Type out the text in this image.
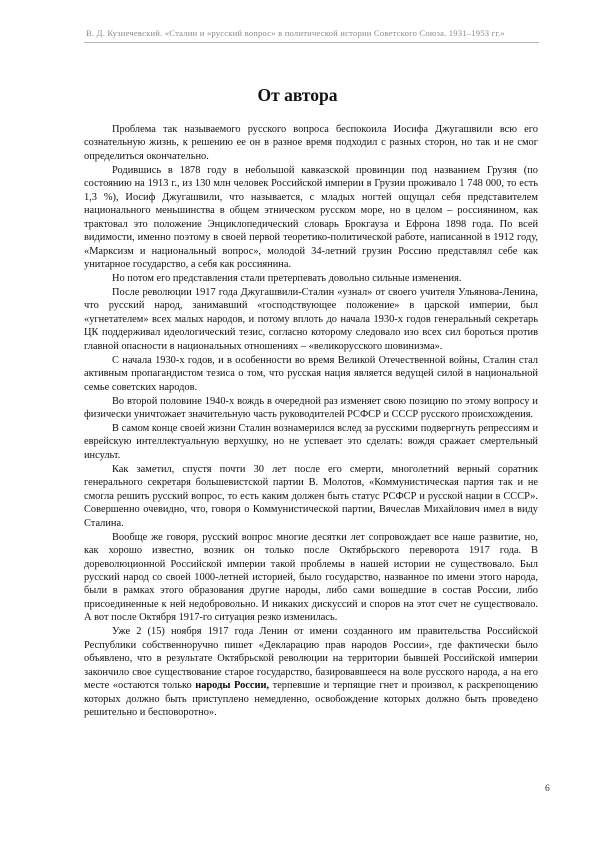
В. Д. Кузнечевский. «Сталин и «русский вопрос» в политической истории Советского Союза. 1931–1953 гг.»
От автора

Проблема так называемого русского вопроса беспокоила Иосифа Джугашвили всю его сознательную жизнь, к решению ее он в разное время подходил с разных сторон, но так и не смог определиться окончательно.

Родившись в 1878 году в небольшой кавказской провинции под названием Грузия (по состоянию на 1913 г., из 130 млн человек Российской империи в Грузии проживало 1 748 000, то есть 1,3 %), Иосиф Джугашвили, что называется, с младых ногтей ощущал себя представителем национального меньшинства в общем этническом русском море, но в целом – россиянином, как трактовал это положение Энциклопедический словарь Брокгауза и Ефрона 1898 года. По всей видимости, именно поэтому в своей первой теоретико-политической работе, написанной в 1912 году, «Марксизм и национальный вопрос», молодой 34-летний грузин Россию представлял себе как унитарное государство, а себя как россиянина.

Но потом его представления стали претерпевать довольно сильные изменения.

После революции 1917 года Джугашвили-Сталин «узнал» от своего учителя Ульянова-Ленина, что русский народ, занимавший «господствующее положение» в царской империи, был «угнетателем» всех малых народов, и потому вплоть до начала 1930-х годов генеральный секретарь ЦК поддерживал идеологический тезис, согласно которому следовало изо всех сил бороться против главной опасности в национальных отношениях – «великорусского шовинизма».

С начала 1930-х годов, и в особенности во время Великой Отечественной войны, Сталин стал активным пропагандистом тезиса о том, что русская нация является ведущей силой в национальной семье советских народов.

Во второй половине 1940-х вождь в очередной раз изменяет свою позицию по этому вопросу и физически уничтожает значительную часть руководителей РСФСР и СССР русского происхождения.

В самом конце своей жизни Сталин вознамерился вслед за русскими подвергнуть репрессиям и еврейскую интеллектуальную верхушку, но не успевает это сделать: вождя сражает смертельный инсульт.

Как заметил, спустя почти 30 лет после его смерти, многолетний верный соратник генерального секретаря большевистской партии В. Молотов, «Коммунистическая партия так и не смогла решить русский вопрос, то есть каким должен быть статус РСФСР и русской нации в СССР». Совершенно очевидно, что, говоря о Коммунистической партии, Вячеслав Михайлович имел в виду Сталина.

Вообще же говоря, русский вопрос многие десятки лет сопровождает все наше развитие, но, как хорошо известно, возник он только после Октябрьского переворота 1917 года. В дореволюционной Российской империи такой проблемы в нашей истории не существовало. Был русский народ со своей 1000-летней историей, было государство, названное по имени этого народа, были в рамках этого образования другие народы, либо сами вошедшие в состав России, либо присоединенные к ней недобровольно. И никаких дискуссий и споров на этот счет не существовало. А вот после Октября 1917-го ситуация резко изменилась.

Уже 2 (15) ноября 1917 года Ленин от имени созданного им правительства Российской Республики собственноручно пишет «Декларацию прав народов России», где фактически было объявлено, что в результате Октябрьской революции на территории бывшей Российской империи закончило свое существование старое государство, базировавшееся на воле русского народа, а на его месте «остаются только народы России, терпевшие и терпящие гнет и произвол, к раскрепощению которых должно быть приступлено немедленно, освобождение которых должно быть проведено решительно и бесповоротно».

6
